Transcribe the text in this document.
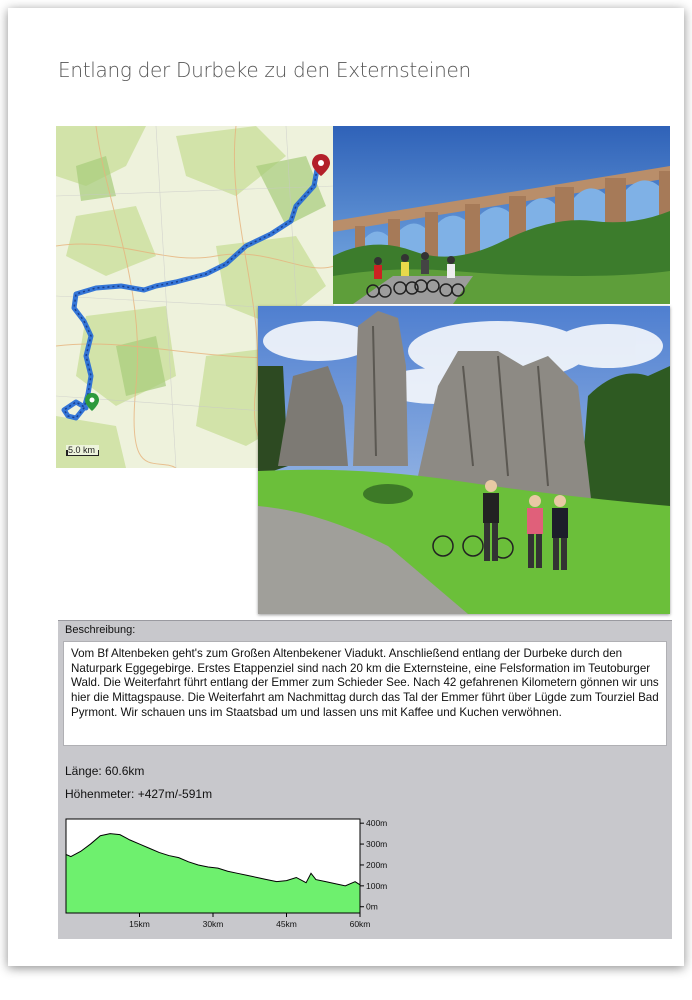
Entlang der Durbeke zu den Externsteinen
5.0 km
Beschreibung:
Vom Bf Altenbeken geht's zum Großen Altenbekener Viadukt. Anschließend entlang der Durbeke durch den Naturpark Eggegebirge. Erstes Etappenziel sind nach 20 km die Externsteine, eine Felsformation im Teutoburger Wald. Die Weiterfahrt führt entlang der Emmer zum Schieder See. Nach 42 gefahrenen Kilometern gönnen wir uns hier die Mittagspause. Die Weiterfahrt am Nachmittag durch das Tal der Emmer führt über Lügde zum Tourziel Bad Pyrmont. Wir schauen uns im Staatsbad um und lassen uns mit Kaffee und Kuchen verwöhnen.
Länge: 60.6km
Höhenmeter: +427m/-591m
0m
100m
200m
300m
400m
15km	30km	45km	60km
